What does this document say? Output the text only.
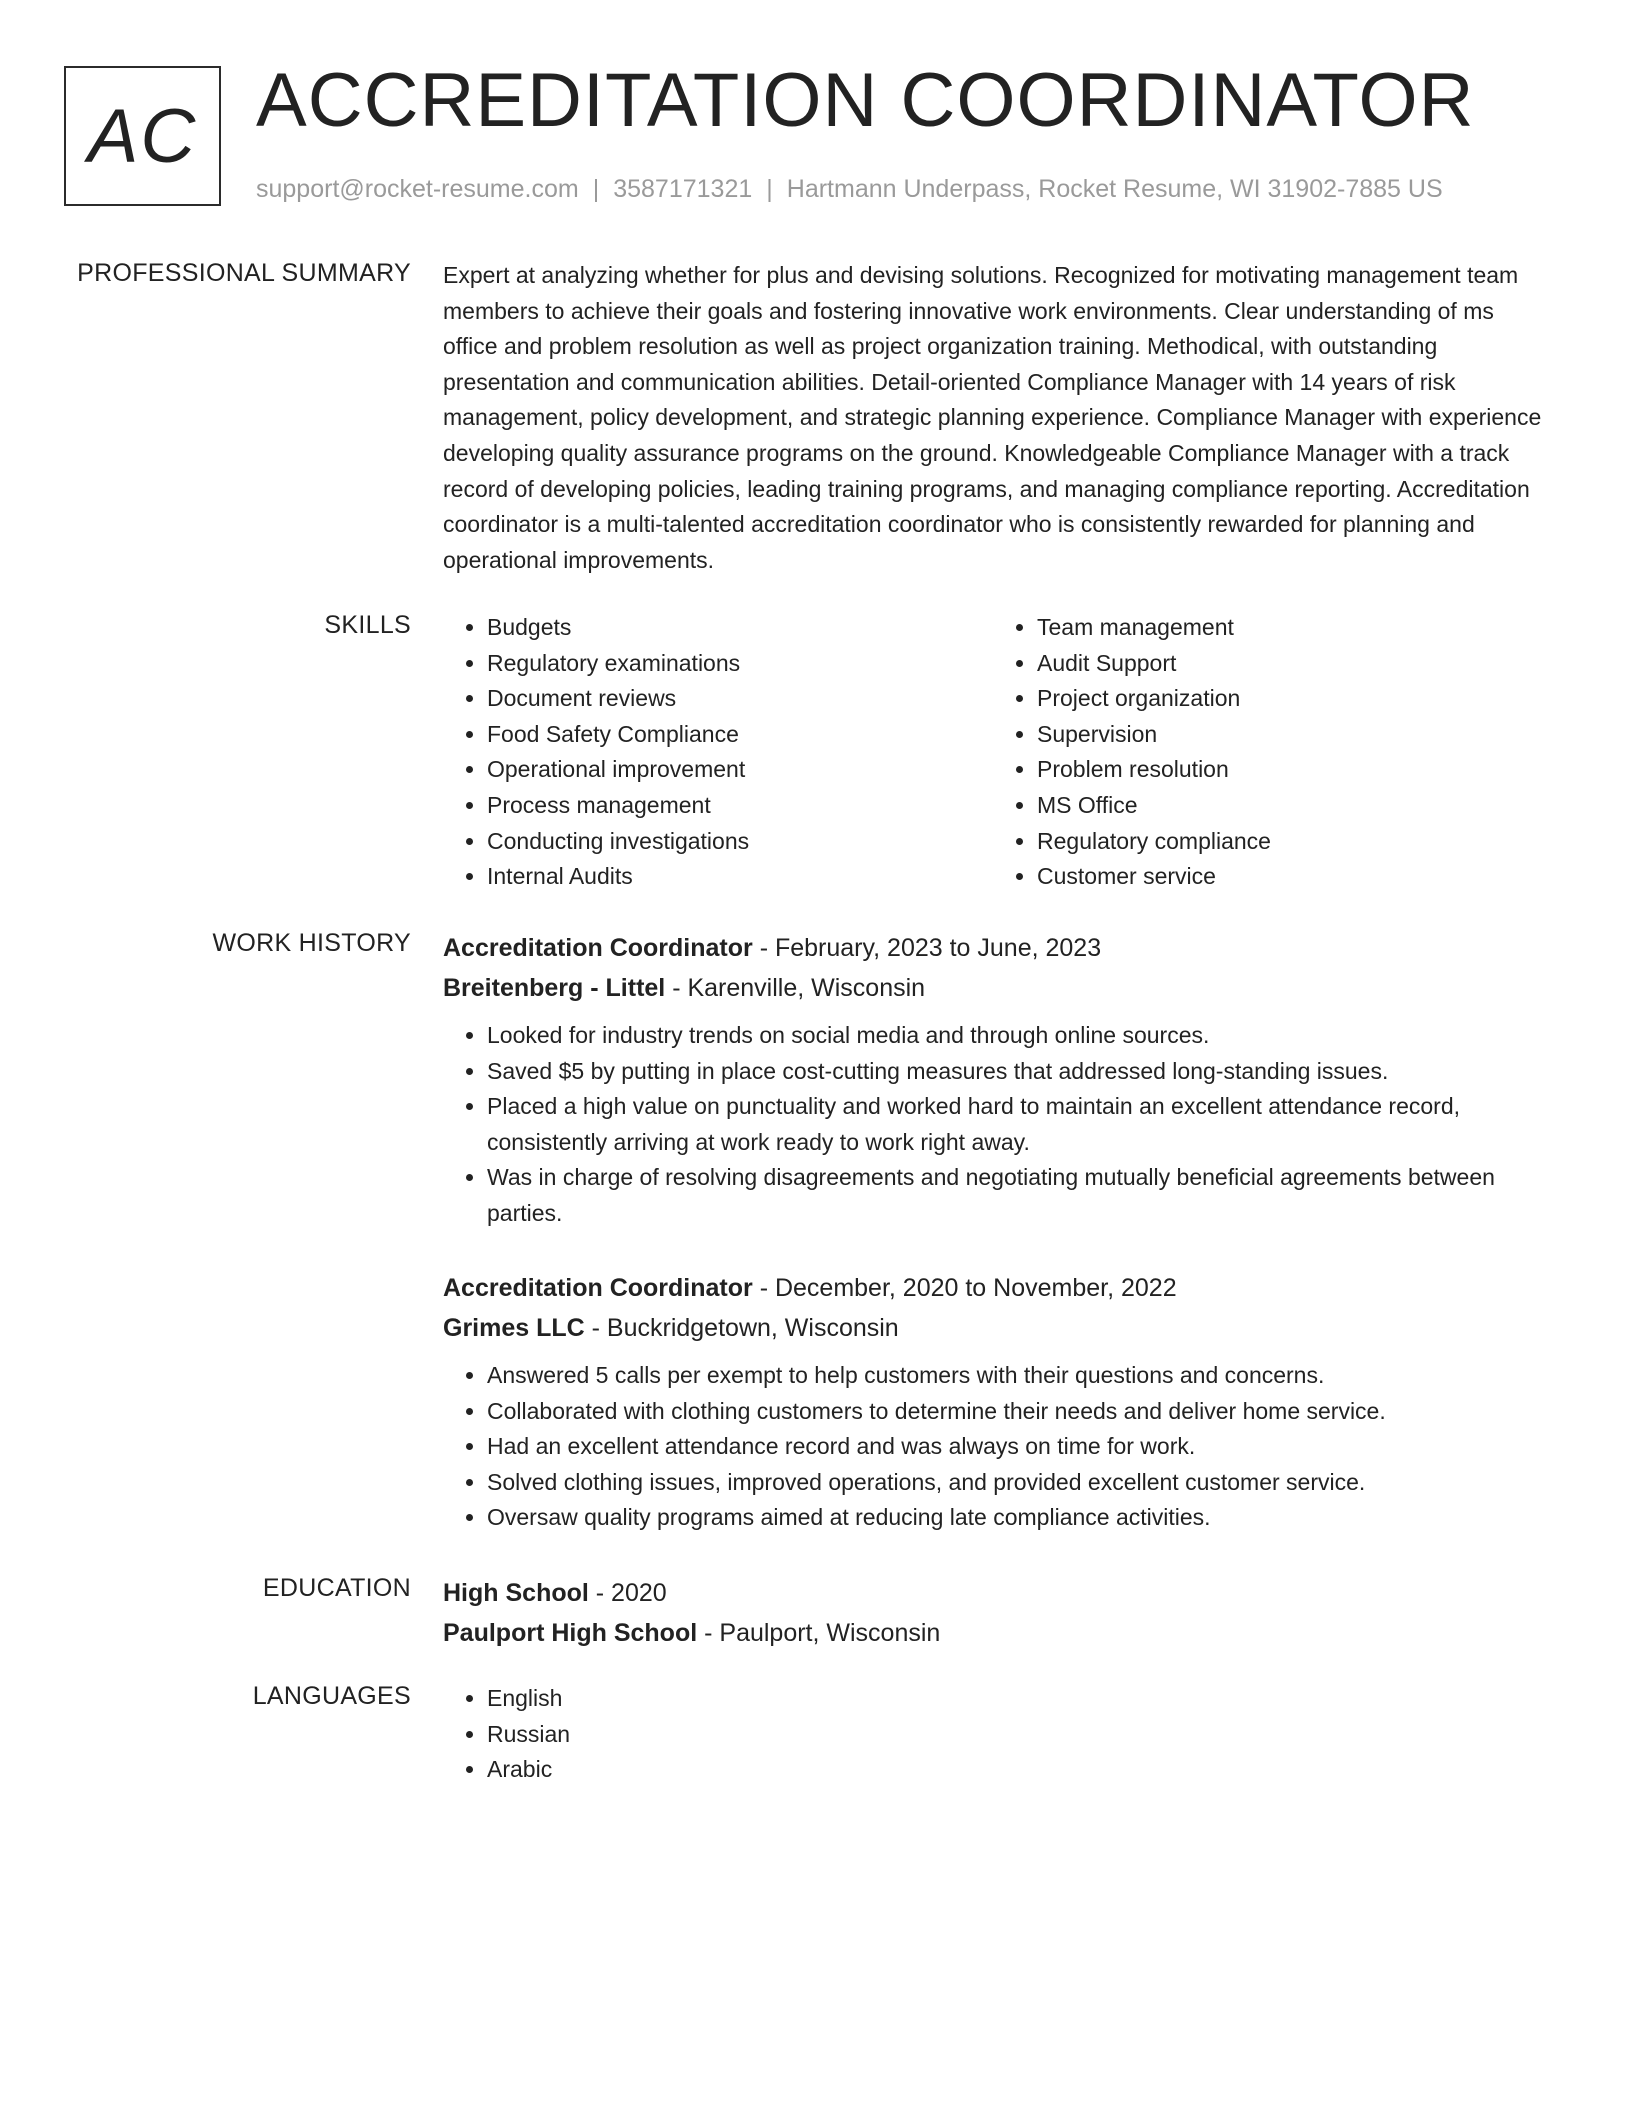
AC ACCREDITATION COORDINATOR
support@rocket-resume.com | 3587171321 | Hartmann Underpass, Rocket Resume, WI 31902-7885 US
PROFESSIONAL SUMMARY Expert at analyzing whether for plus and devising solutions. Recognized for motivating management team members to achieve their goals and fostering innovative work environments. Clear understanding of ms office and problem resolution as well as project organization training. Methodical, with outstanding presentation and communication abilities. Detail-oriented Compliance Manager with 14 years of risk management, policy development, and strategic planning experience. Compliance Manager with experience developing quality assurance programs on the ground. Knowledgeable Compliance Manager with a track record of developing policies, leading training programs, and managing compliance reporting. Accreditation coordinator is a multi-talented accreditation coordinator who is consistently rewarded for planning and operational improvements.

SKILLS	• Budgets
• Regulatory examinations
• Document reviews
• Food Safety Compliance
• Operational improvement
• Process management
• Conducting investigations
• Internal Audits
• Team management
• Audit Support
• Project organization
• Supervision
• Problem resolution
• MS Office
• Regulatory compliance
• Customer service
WORK HISTORY Accreditation Coordinator - February, 2023 to June, 2023
Breitenberg - Littel - Karenville, Wisconsin
• Looked for industry trends on social media and through online sources.
• Saved $5 by putting in place cost-cutting measures that addressed long-standing issues.
• Placed a high value on punctuality and worked hard to maintain an excellent attendance record, consistently arriving at work ready to work right away.
• Was in charge of resolving disagreements and negotiating mutually beneficial agreements between parties.
Accreditation Coordinator - December, 2020 to November, 2022
Grimes LLC - Buckridgetown, Wisconsin
• Answered 5 calls per exempt to help customers with their questions and concerns.
• Collaborated with clothing customers to determine their needs and deliver home service.
• Had an excellent attendance record and was always on time for work.
• Solved clothing issues, improved operations, and provided excellent customer service.
• Oversaw quality programs aimed at reducing late compliance activities.
EDUCATION High School - 2020
Paulport High School - Paulport, Wisconsin
LANGUAGES	• English
• Russian
• Arabic
